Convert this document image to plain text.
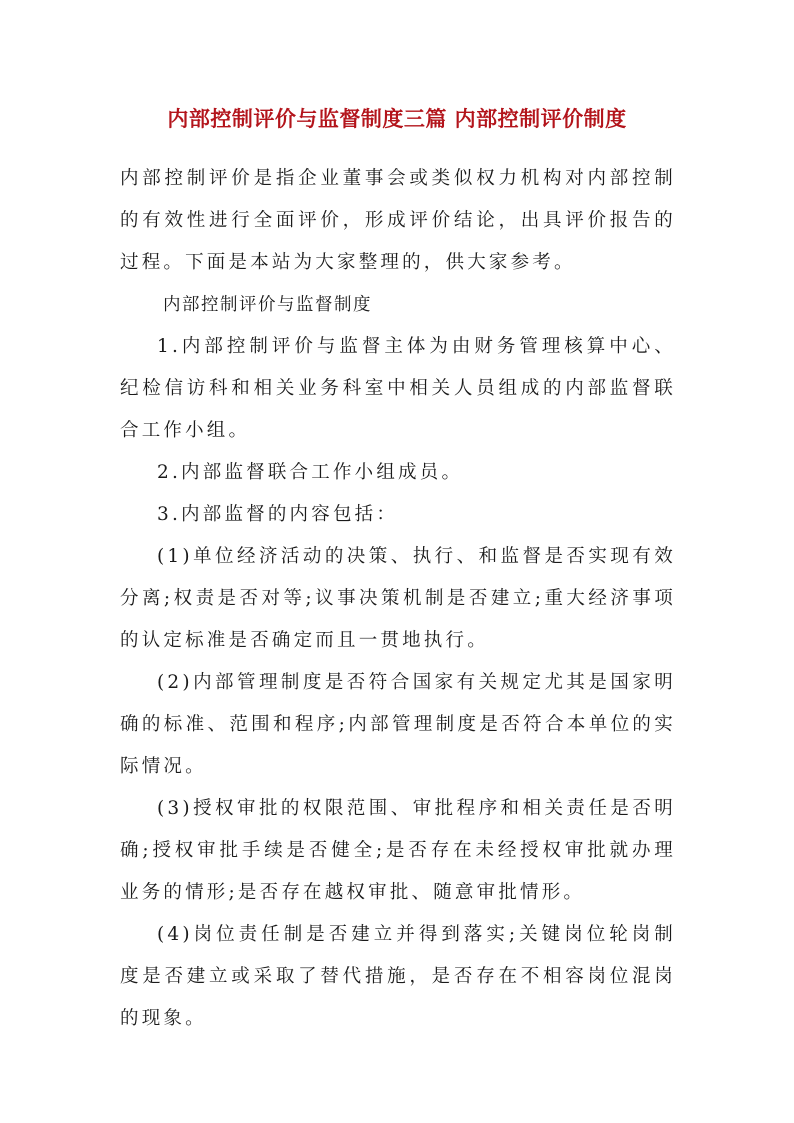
内部控制评价与监督制度三篇 内部控制评价制度

内部控制评价是指企业董事会或类似权力机构对内部控制的有效性进行全面评价，形成评价结论，出具评价报告的过程。下面是本站为大家整理的，供大家参考。

内部控制评价与监督制度

1.内部控制评价与监督主体为由财务管理核算中心、纪检信访科和相关业务科室中相关人员组成的内部监督联合工作小组。

2.内部监督联合工作小组成员。

3.内部监督的内容包括：

(1)单位经济活动的决策、执行、和监督是否实现有效分离;权责是否对等;议事决策机制是否建立;重大经济事项的认定标准是否确定而且一贯地执行。

(2)内部管理制度是否符合国家有关规定尤其是国家明确的标准、范围和程序;内部管理制度是否符合本单位的实际情况。

(3)授权审批的权限范围、审批程序和相关责任是否明确;授权审批手续是否健全;是否存在未经授权审批就办理业务的情形;是否存在越权审批、随意审批情形。

(4)岗位责任制是否建立并得到落实;关键岗位轮岗制度是否建立或采取了替代措施，是否存在不相容岗位混岗的现象。
